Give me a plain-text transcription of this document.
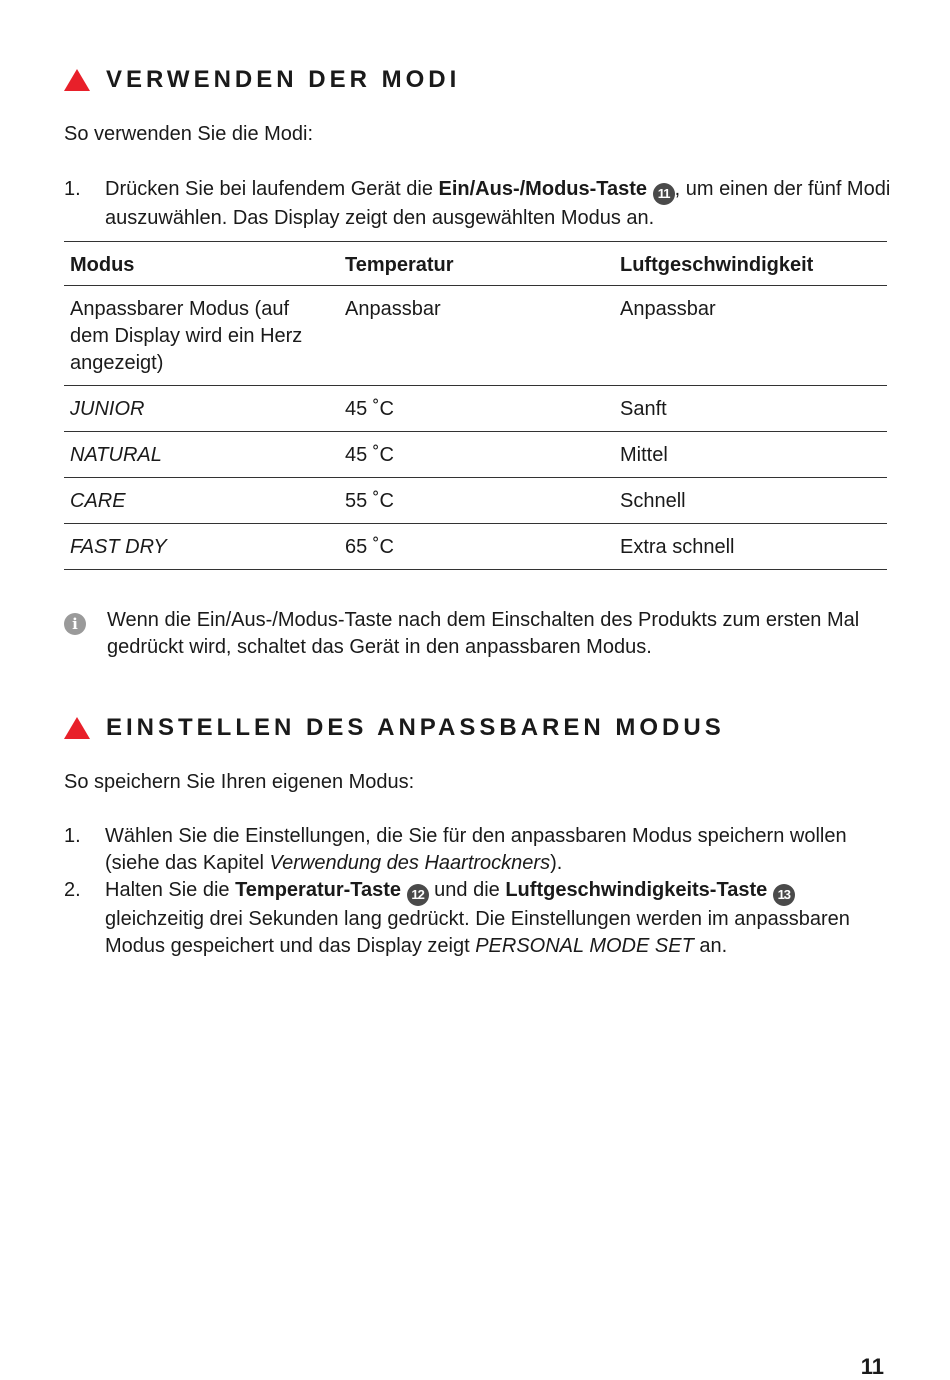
VERWENDEN DER MODI
So verwenden Sie die Modi:
1.	Drücken Sie bei laufendem Gerät die Ein/Aus-/Modus-Taste 11 , um einen der fünf Modi auszuwählen. Das Display zeigt den ausgewählten Modus an.
Modus	Temperatur	Luftgeschwindigkeit
Anpassbarer Modus (auf dem Display wird ein Herz angezeigt)	Anpassbar	Anpassbar
JUNIOR	45 ˚C	Sanft
NATURAL	45 ˚C	Mittel
CARE	55 ˚C	Schnell
FAST DRY	65 ˚C	Extra schnell
i	Wenn die Ein/Aus-/Modus-Taste nach dem Einschalten des Produkts zum ersten Mal gedrückt wird, schaltet das Gerät in den anpassbaren Modus.
EINSTELLEN DES ANPASSBAREN MODUS
So speichern Sie Ihren eigenen Modus:
1.	Wählen Sie die Einstellungen, die Sie für den anpassbaren Modus speichern wollen (siehe das Kapitel Verwendung des Haartrockners).
2.	Halten Sie die Temperatur-Taste 12 und die Luftgeschwindigkeits-Taste 13 gleichzeitig drei Sekunden lang gedrückt. Die Einstellungen werden im anpassbaren Modus gespeichert und das Display zeigt PERSONAL MODE SET an.
11
